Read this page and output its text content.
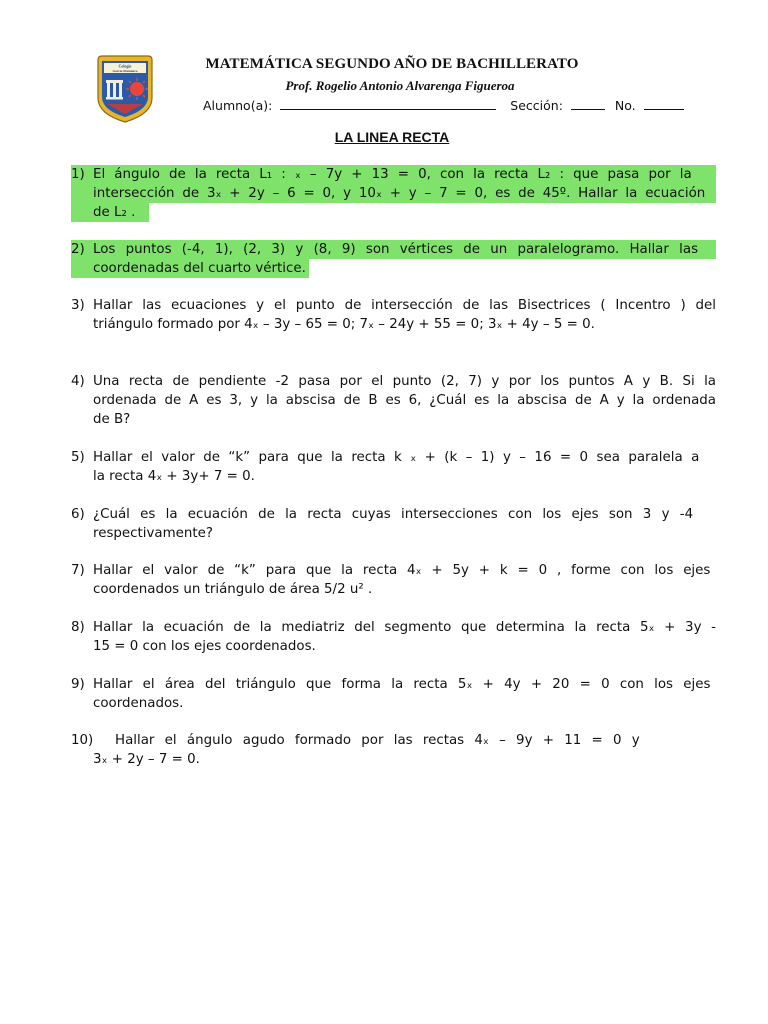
Colegio
García Flamenco	MATEMÁTICA SEGUNDO AÑO DE BACHILLERATO
Prof. Rogelio Antonio Alvarenga Figueroa
Alumno(a):	Sección:	No.
LA LINEA RECTA
1) El ángulo de la recta L₁ : ₓ – 7y + 13 = 0, con la recta L₂ : que pasa por la
intersección de 3ₓ + 2y – 6 = 0, y 10ₓ + y – 7 = 0, es de 45º. Hallar la ecuación
de L₂ .
2) Los puntos (-4, 1), (2, 3) y (8, 9) son vértices de un paralelogramo. Hallar las
coordenadas del cuarto vértice.
3) Hallar las ecuaciones y el punto de intersección de las Bisectrices ( Incentro ) del
triángulo formado por 4ₓ – 3y – 65 = 0; 7ₓ – 24y + 55 = 0; 3ₓ + 4y – 5 = 0.
4) Una recta de pendiente -2 pasa por el punto (2, 7) y por los puntos A y B. Si la
ordenada de A es 3, y la abscisa de B es 6, ¿Cuál es la abscisa de A y la ordenada
de B?
5) Hallar el valor de “k” para que la recta k ₓ + (k – 1) y – 16 = 0 sea paralela a
la recta 4ₓ + 3y+ 7 = 0.
6) ¿Cuál es la ecuación de la recta cuyas intersecciones con los ejes son 3 y -4
respectivamente?
7) Hallar el valor de “k” para que la recta 4ₓ + 5y + k = 0 , forme con los ejes
coordenados un triángulo de área 5/2 u² .
8) Hallar la ecuación de la mediatriz del segmento que determina la recta 5ₓ + 3y -
15 = 0 con los ejes coordenados.
9) Hallar el área del triángulo que forma la recta 5ₓ + 4y + 20 = 0 con los ejes
coordenados.
10)	Hallar el ángulo agudo formado por las rectas 4ₓ – 9y + 11 = 0 y
3ₓ + 2y – 7 = 0.
